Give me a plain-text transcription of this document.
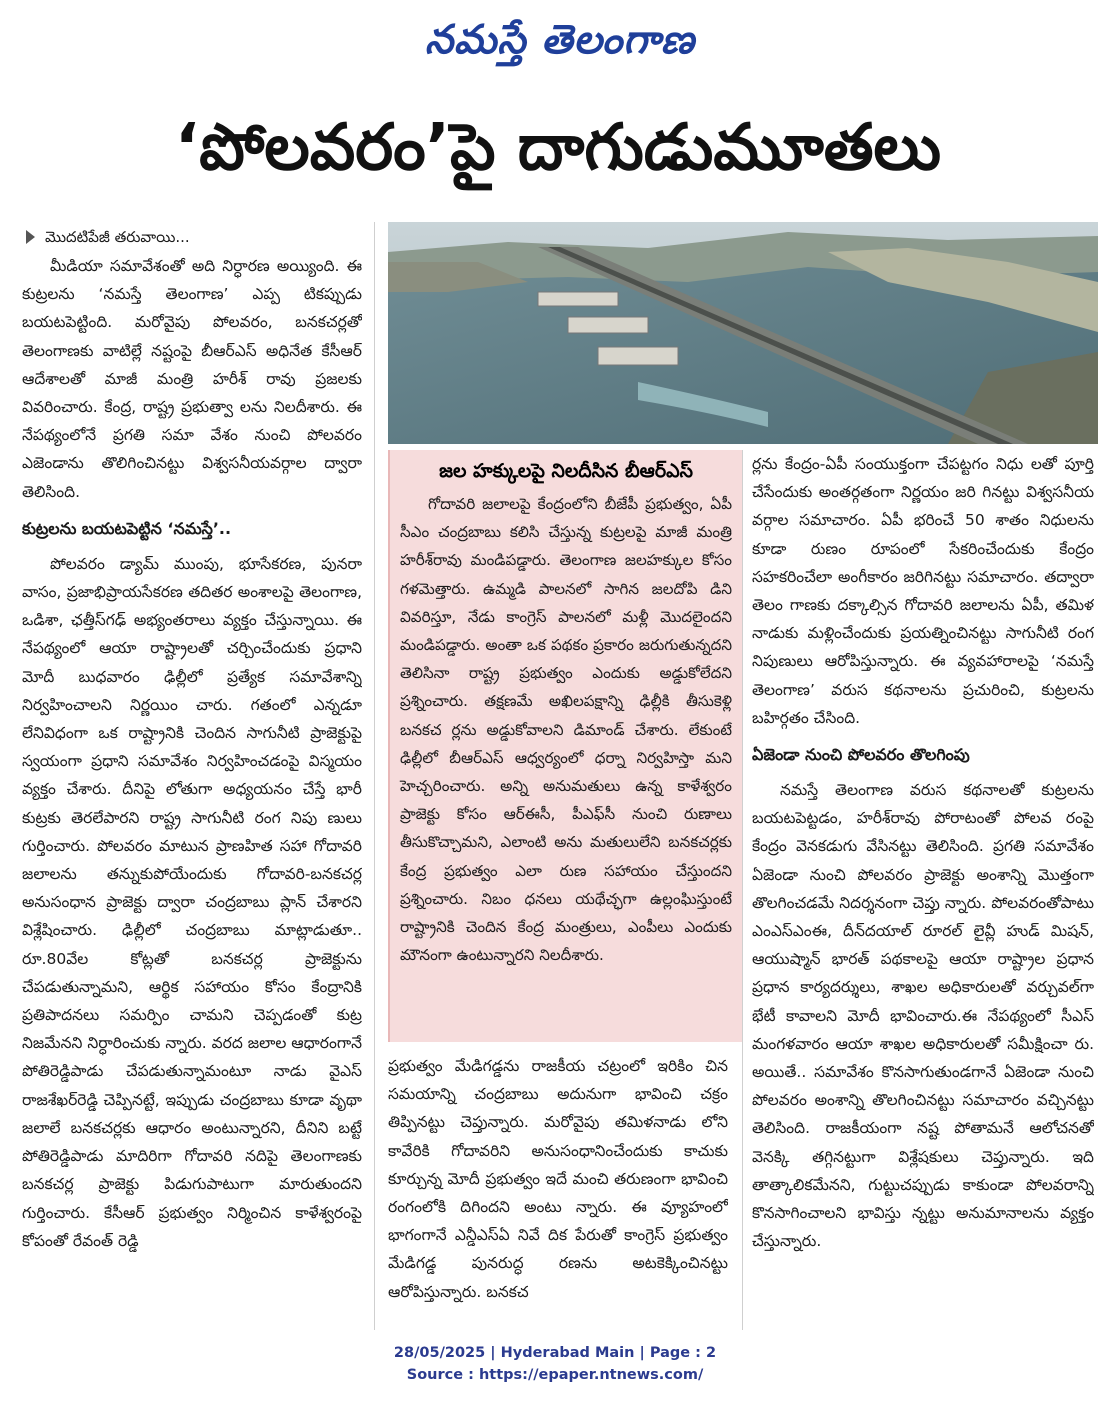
నమస్తే తెలంగాణ
‘పోలవరం’పై దాగుడుమూతలు
మొదటిపేజీ తరువాయి...

మీడియా సమావేశంతో అది నిర్ధారణ అయ్యింది. ఈ కుట్రలను ‘నమస్తే తెలంగాణ’ ఎప్ప టికప్పుడు బయటపెట్టింది. మరోవైపు పోలవరం, బనకచర్లతో తెలంగాణకు వాటిల్లే నష్టంపై బీఆర్ఎస్ అధినేత కేసీఆర్ ఆదేశాలతో మాజీ మంత్రి హరీశ్ రావు ప్రజలకు వివరించారు. కేంద్ర, రాష్ట్ర ప్రభుత్వా లను నిలదీశారు. ఈ నేపథ్యంలోనే ప్రగతి సమా వేశం నుంచి పోలవరం ఎజెండాను తొలిగించినట్టు విశ్వసనీయవర్గాల ద్వారా తెలిసింది.

కుట్రలను బయటపెట్టిన ‘నమస్తే’..

పోలవరం డ్యామ్ ముంపు, భూసేకరణ, పునరా వాసం, ప్రజాభిప్రాయసేకరణ తదితర అంశాలపై తెలంగాణ, ఒడిశా, ఛత్తీస్‌గఢ్ అభ్యంతరాలు వ్యక్తం చేస్తున్నాయి. ఈ నేపథ్యంలో ఆయా రాష్ట్రాలతో చర్చించేందుకు ప్రధాని మోదీ బుధవారం ఢిల్లీలో ప్రత్యేక సమావేశాన్ని నిర్వహించాలని నిర్ణయిం చారు. గతంలో ఎన్నడూ లేనివిధంగా ఒక రాష్ట్రానికి చెందిన సాగునీటి ప్రాజెక్టుపై స్వయంగా ప్రధాని సమావేశం నిర్వహించడంపై విస్మయం వ్యక్తం చేశారు. దీనిపై లోతుగా అధ్యయనం చేస్తే భారీ కుట్రకు తెరలేపారని రాష్ట్ర సాగునీటి రంగ నిపు ణులు గుర్తించారు. పోలవరం మాటున ప్రాణహిత సహా గోదావరి జలాలను తన్నుకుపోయేందుకు గోదావరి-బనకచర్ల అనుసంధాన ప్రాజెక్టు ద్వారా చంద్రబాబు ప్లాన్ చేశారని విశ్లేషించారు. ఢిల్లీలో చంద్రబాబు మాట్లాడుతూ.. రూ.80వేల కోట్లతో బనకచర్ల ప్రాజెక్టును చేపడుతున్నామని, ఆర్థిక సహాయం కోసం కేంద్రానికి ప్రతిపాదనలు సమర్పిం చామని చెప్పడంతో కుట్ర నిజమేనని నిర్ధారించుకు న్నారు. వరద జలాల ఆధారంగానే పోతిరెడ్డిపాడు చేపడుతున్నామంటూ నాడు వైఎస్ రాజశేఖర్‌రెడ్డి చెప్పినట్టే, ఇప్పుడు చంద్రబాబు కూడా వృథా జలాలే బనకచర్లకు ఆధారం అంటున్నారని, దీనిని బట్టే పోతిరెడ్డిపాడు మాదిరిగా గోదావరి నదిపై తెలంగాణకు బనకచర్ల ప్రాజెక్టు పిడుగుపాటుగా మారుతుందని గుర్తించారు. కేసీఆర్ ప్రభుత్వం నిర్మించిన కాళేశ్వరంపై కోపంతో రేవంత్ రెడ్డి

జల హక్కులపై నిలదీసిన బీఆర్ఎస్

గోదావరి జలాలపై కేంద్రంలోని బీజేపీ ప్రభుత్వం, ఏపీ సీఎం చంద్రబాబు కలిసి చేస్తున్న కుట్రలపై మాజీ మంత్రి హరీశ్‌రావు మండిపడ్డారు. తెలంగాణ జలహక్కుల కోసం గళమెత్తారు. ఉమ్మడి పాలనలో సాగిన జలదోపి డిని వివరిస్తూ, నేడు కాంగ్రెస్ పాలనలో మళ్లీ మొదలైందని మండిపడ్డారు. అంతా ఒక పథకం ప్రకారం జరుగుతున్నదని తెలిసినా రాష్ట్ర ప్రభుత్వం ఎందుకు అడ్డుకోలేదని ప్రశ్నించారు. తక్షణమే అఖిలపక్షాన్ని ఢిల్లీకి తీసుకెళ్లి బనకచ ర్లను అడ్డుకోవాలని డిమాండ్ చేశారు. లేకుంటే ఢిల్లీలో బీఆర్ఎస్ ఆధ్వర్యంలో ధర్నా నిర్వహిస్తా మని హెచ్చరించారు. అన్ని అనుమతులు ఉన్న కాళేశ్వరం ప్రాజెక్టు కోసం ఆర్ఈసీ, పీఎఫ్‌సీ నుంచి రుణాలు తీసుకొచ్చామని, ఎలాంటి అను మతులులేని బనకచర్లకు కేంద్ర ప్రభుత్వం ఎలా రుణ సహాయం చేస్తుందని ప్రశ్నించారు. నిబం ధనలు యథేచ్ఛగా ఉల్లంఘిస్తుంటే రాష్ట్రానికి చెందిన కేంద్ర మంత్రులు, ఎంపీలు ఎందుకు మౌనంగా ఉంటున్నారని నిలదీశారు.

ప్రభుత్వం మేడిగడ్డను రాజకీయ చట్రంలో ఇరికిం చిన సమయాన్ని చంద్రబాబు అదునుగా భావించి చక్రం తిప్పినట్టు చెప్తున్నారు. మరోవైపు తమిళనాడు లోని కావేరికి గోదావరిని అనుసంధానించేందుకు కాచుకు కూర్చున్న మోదీ ప్రభుత్వం ఇదే మంచి తరుణంగా భావించి రంగంలోకి దిగిందని అంటు న్నారు. ఈ వ్యూహంలో భాగంగానే ఎన్డీఎస్‌ఏ నివే దిక పేరుతో కాంగ్రెస్ ప్రభుత్వం మేడిగడ్డ పునరుద్ధ రణను అటకెక్కించినట్టు ఆరోపిస్తున్నారు. బనకచ

ర్లను కేంద్రం-ఏపీ సంయుక్తంగా చేపట్టగం నిధు లతో పూర్తి చేసేందుకు అంతర్గతంగా నిర్ణయం జరి గినట్టు విశ్వసనీయ వర్గాల సమాచారం. ఏపీ భరించే 50 శాతం నిధులను కూడా రుణం రూపంలో సేకరించేందుకు కేంద్రం సహకరించేలా అంగీకారం జరిగినట్టు సమాచారం. తద్వారా తెలం గాణకు దక్కాల్సిన గోదావరి జలాలను ఏపీ, తమిళ నాడుకు మళ్లించేందుకు ప్రయత్నించినట్టు సాగునీటి రంగ నిపుణులు ఆరోపిస్తున్నారు. ఈ వ్యవహారాలపై ‘నమస్తే తెలంగాణ’ వరుస కథనాలను ప్రచురించి, కుట్రలను బహిర్గతం చేసింది.

ఏజెండా నుంచి పోలవరం తొలగింపు

నమస్తే తెలంగాణ వరుస కథనాలతో కుట్రలను బయటపెట్టడం, హరీశ్‌రావు పోరాటంతో పోలవ రంపై కేంద్రం వెనకడుగు వేసినట్టు తెలిసింది. ప్రగతి సమావేశం ఏజెండా నుంచి పోలవరం ప్రాజెక్టు అంశాన్ని మొత్తంగా తొలగించడమే నిదర్శనంగా చెప్తు న్నారు. పోలవరంతోపాటు ఎంఎస్ఎంఈ, దీన్‌దయాల్ రూరల్ లైవ్లీ హుడ్ మిషన్, ఆయుష్మాన్ భారత్ పథకాలపై ఆయా రాష్ట్రాల ప్రధాన ప్రధాన కార్యదర్శులు, శాఖల అధికారులతో వర్చువల్‌గా భేటీ కావాలని మోదీ భావించారు.ఈ నేపథ్యంలో సీఎస్ మంగళవారం ఆయా శాఖల అధికారులతో సమీక్షించా రు. అయితే.. సమావేశం కొనసాగుతుండగానే ఏజెండా నుంచి పోలవరం అంశాన్ని తొలగించినట్టు సమాచారం వచ్చినట్టు తెలిసింది. రాజకీయంగా నష్ట పోతామనే ఆలోచనతో వెనక్కి తగ్గినట్టుగా విశ్లేషకులు చెప్తున్నారు. ఇది తాత్కాలికమేనని, గుట్టుచప్పుడు కాకుండా పోలవరాన్ని కొనసాగించాలని భావిస్తు న్నట్టు అనుమానాలను వ్యక్తం చేస్తున్నారు.

28/05/2025 | Hyderabad Main | Page : 2
Source : https://epaper.ntnews.com/
